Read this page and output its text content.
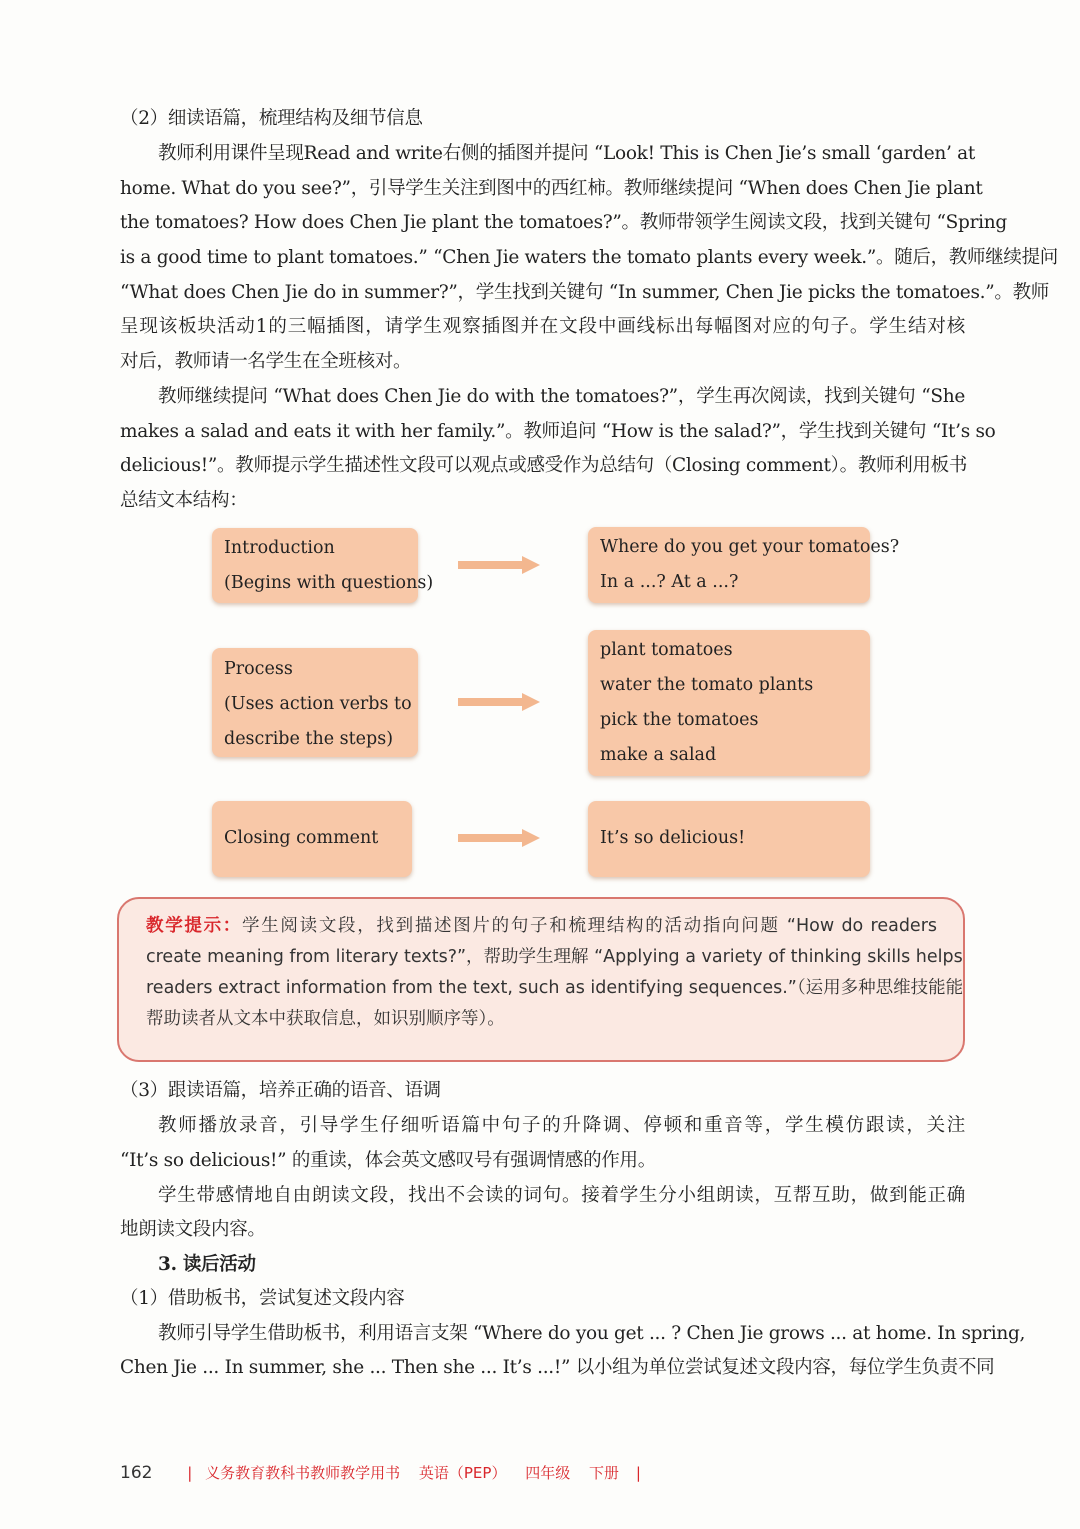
（2）细读语篇，梳理结构及细节信息

教师利用课件呈现Read and write右侧的插图并提问 “Look! This is Chen Jie’s small ‘garden’ at

home. What do you see?”，引导学生关注到图中的西红柿。教师继续提问 “When does Chen Jie plant

the tomatoes? How does Chen Jie plant the tomatoes?”。教师带领学生阅读文段，找到关键句 “Spring

is a good time to plant tomatoes.” “Chen Jie waters the tomato plants every week.”。随后，教师继续提问

“What does Chen Jie do in summer?”，学生找到关键句 “In summer, Chen Jie picks the tomatoes.”。教师

呈现该板块活动1的三幅插图，请学生观察插图并在文段中画线标出每幅图对应的句子。学生结对核

对后，教师请一名学生在全班核对。

教师继续提问 “What does Chen Jie do with the tomatoes?”，学生再次阅读，找到关键句 “She

makes a salad and eats it with her family.”。教师追问 “How is the salad?”，学生找到关键句 “It’s so

delicious!”。教师提示学生描述性文段可以观点或感受作为总结句（Closing comment）。教师利用板书

总结文本结构：

Introduction
(Begins with questions)
Where do you get your tomatoes?
In a ...? At a ...?
Process
(Uses action verbs to
describe the steps)
plant tomatoes
water the tomato plants
pick the tomatoes
make a salad
Closing comment	It’s so delicious!

教学提示：学生阅读文段，找到描述图片的句子和梳理结构的活动指向问题 “How do readers

create meaning from literary texts?”，帮助学生理解 “Applying a variety of thinking skills helps

readers extract information from the text, such as identifying sequences.”（运用多种思维技能能

帮助读者从文本中获取信息，如识别顺序等）。

（3）跟读语篇，培养正确的语音、语调

教师播放录音，引导学生仔细听语篇中句子的升降调、停顿和重音等，学生模仿跟读，关注

“It’s so delicious!” 的重读，体会英文感叹号有强调情感的作用。

学生带感情地自由朗读文段，找出不会读的词句。接着学生分小组朗读，互帮互助，做到能正确

地朗读文段内容。

3. 读后活动

（1）借助板书，尝试复述文段内容

教师引导学生借助板书，利用语言支架 “Where do you get ... ? Chen Jie grows ... at home. In spring,

Chen Jie ... In summer, she ... Then she ... It’s ...!” 以小组为单位尝试复述文段内容，每位学生负责不同

162 | 义务教育教科书教师教学用书 英语（PEP） 四年级 下册 |
